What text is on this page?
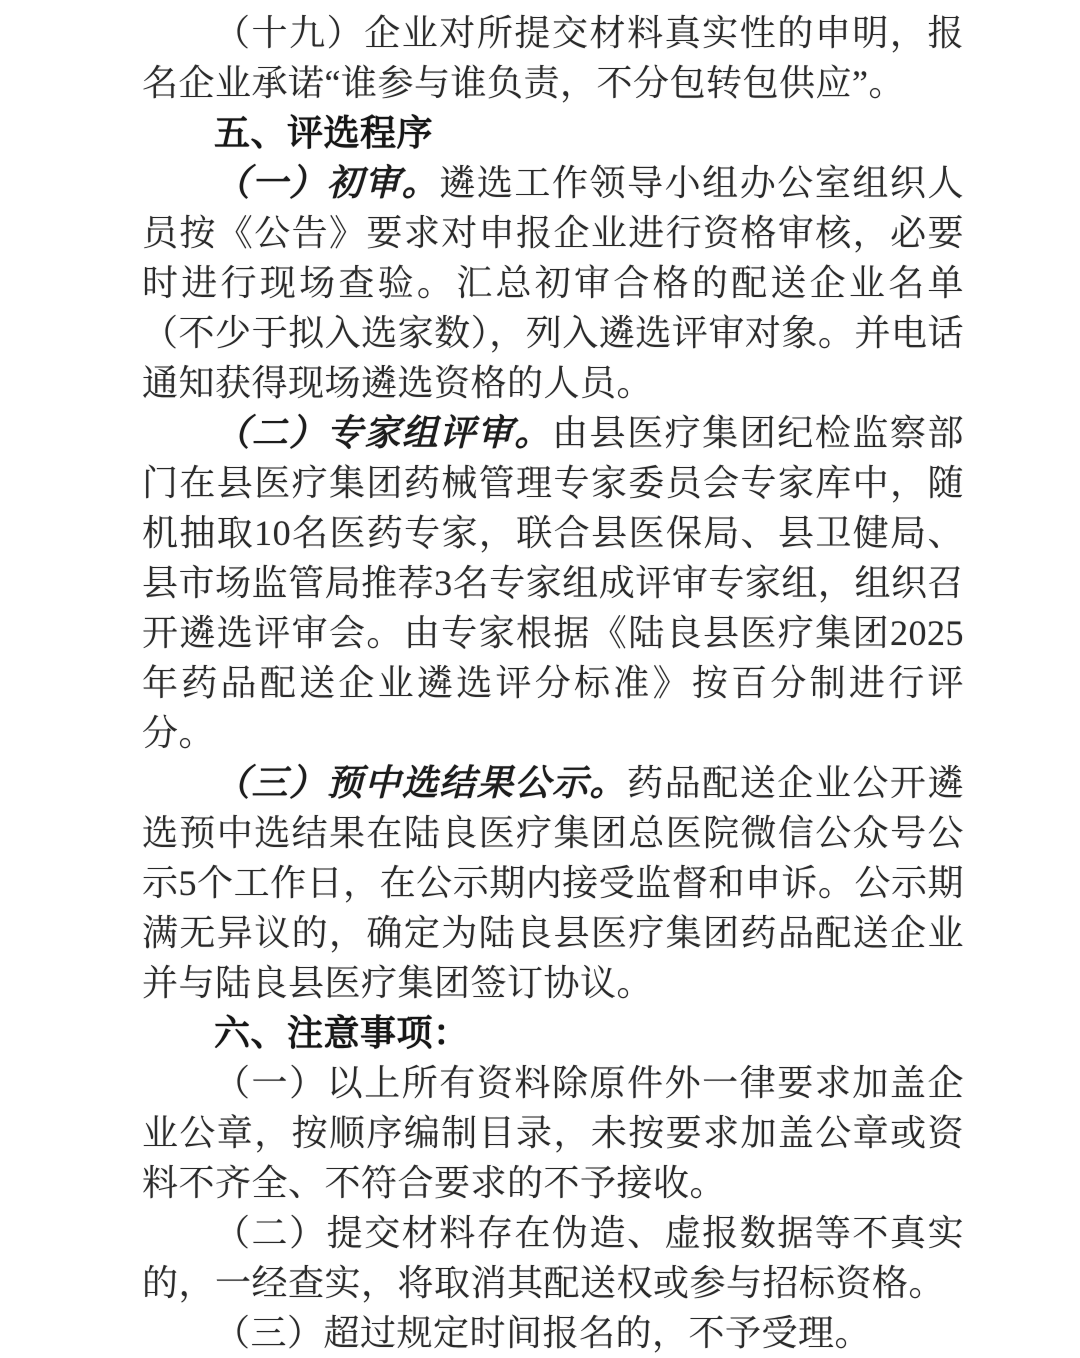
（十九）企业对所提交材料真实性的申明，报名企业承诺“谁参与谁负责，不分包转包供应”。

五、评选程序

（一）初审。遴选工作领导小组办公室组织人员按《公告》要求对申报企业进行资格审核，必要时进行现场查验。汇总初审合格的配送企业名单（不少于拟入选家数），列入遴选评审对象。并电话通知获得现场遴选资格的人员。

（二）专家组评审。由县医疗集团纪检监察部门在县医疗集团药械管理专家委员会专家库中，随机抽取10名医药专家，联合县医保局、县卫健局、县市场监管局推荐3名专家组成评审专家组，组织召开遴选评审会。由专家根据《陆良县医疗集团2025年药品配送企业遴选评分标准》按百分制进行评分。

（三）预中选结果公示。药品配送企业公开遴选预中选结果在陆良医疗集团总医院微信公众号公示5个工作日，在公示期内接受监督和申诉。公示期满无异议的，确定为陆良县医疗集团药品配送企业并与陆良县医疗集团签订协议。

六、注意事项：

（一）以上所有资料除原件外一律要求加盖企业公章，按顺序编制目录，未按要求加盖公章或资料不齐全、不符合要求的不予接收。

（二）提交材料存在伪造、虚报数据等不真实的，一经查实，将取消其配送权或参与招标资格。

（三）超过规定时间报名的，不予受理。
